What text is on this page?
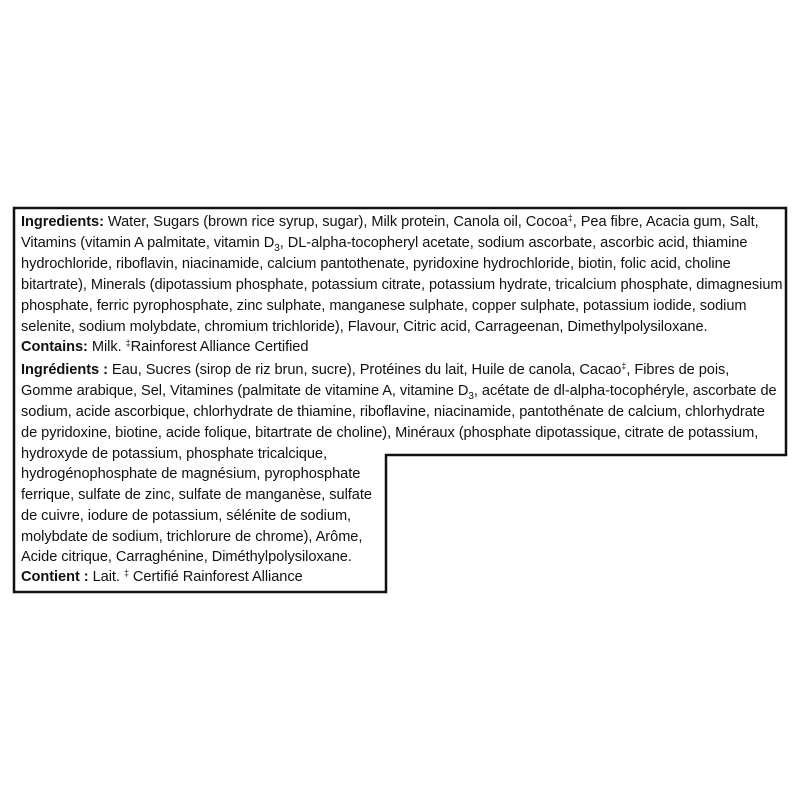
Ingredients: Water, Sugars (brown rice syrup, sugar), Milk protein, Canola oil, Cocoa‡, Pea fibre, Acacia gum, Salt,
Vitamins (vitamin A palmitate, vitamin $D_3$, DL-alpha-tocopheryl acetate, sodium ascorbate, ascorbic acid, thiamine
hydrochloride, riboflavin, niacinamide, calcium pantothenate, pyridoxine hydrochloride, biotin, folic acid, choline
bitartrate), Minerals (dipotassium phosphate, potassium citrate, potassium hydrate, tricalcium phosphate, dimagnesium
phosphate, ferric pyrophosphate, zinc sulphate, manganese sulphate, copper sulphate, potassium iodide, sodium
selenite, sodium molybdate, chromium trichloride), Flavour, Citric acid, Carrageenan, Dimethylpolysiloxane.
Contains: Milk. ‡Rainforest Alliance Certified
Ingrédients : Eau, Sucres (sirop de riz brun, sucre), Protéines du lait, Huile de canola, Cacao‡, Fibres de pois,
Gomme arabique, Sel, Vitamines (palmitate de vitamine A, vitamine $D_3$, acétate de dl-alpha-tocophéryle, ascorbate de
sodium, acide ascorbique, chlorhydrate de thiamine, riboflavine, niacinamide, pantothénate de calcium, chlorhydrate
de pyridoxine, biotine, acide folique, bitartrate de choline), Minéraux (phosphate dipotassique, citrate de potassium,
hydroxyde de potassium, phosphate tricalcique,
hydrogénophosphate de magnésium, pyrophosphate
ferrique, sulfate de zinc, sulfate de manganèse, sulfate
de cuivre, iodure de potassium, sélénite de sodium,
molybdate de sodium, trichlorure de chrome), Arôme,
Acide citrique, Carraghénine, Diméthylpolysiloxane.
Contient : Lait. ‡ Certifié Rainforest Alliance
